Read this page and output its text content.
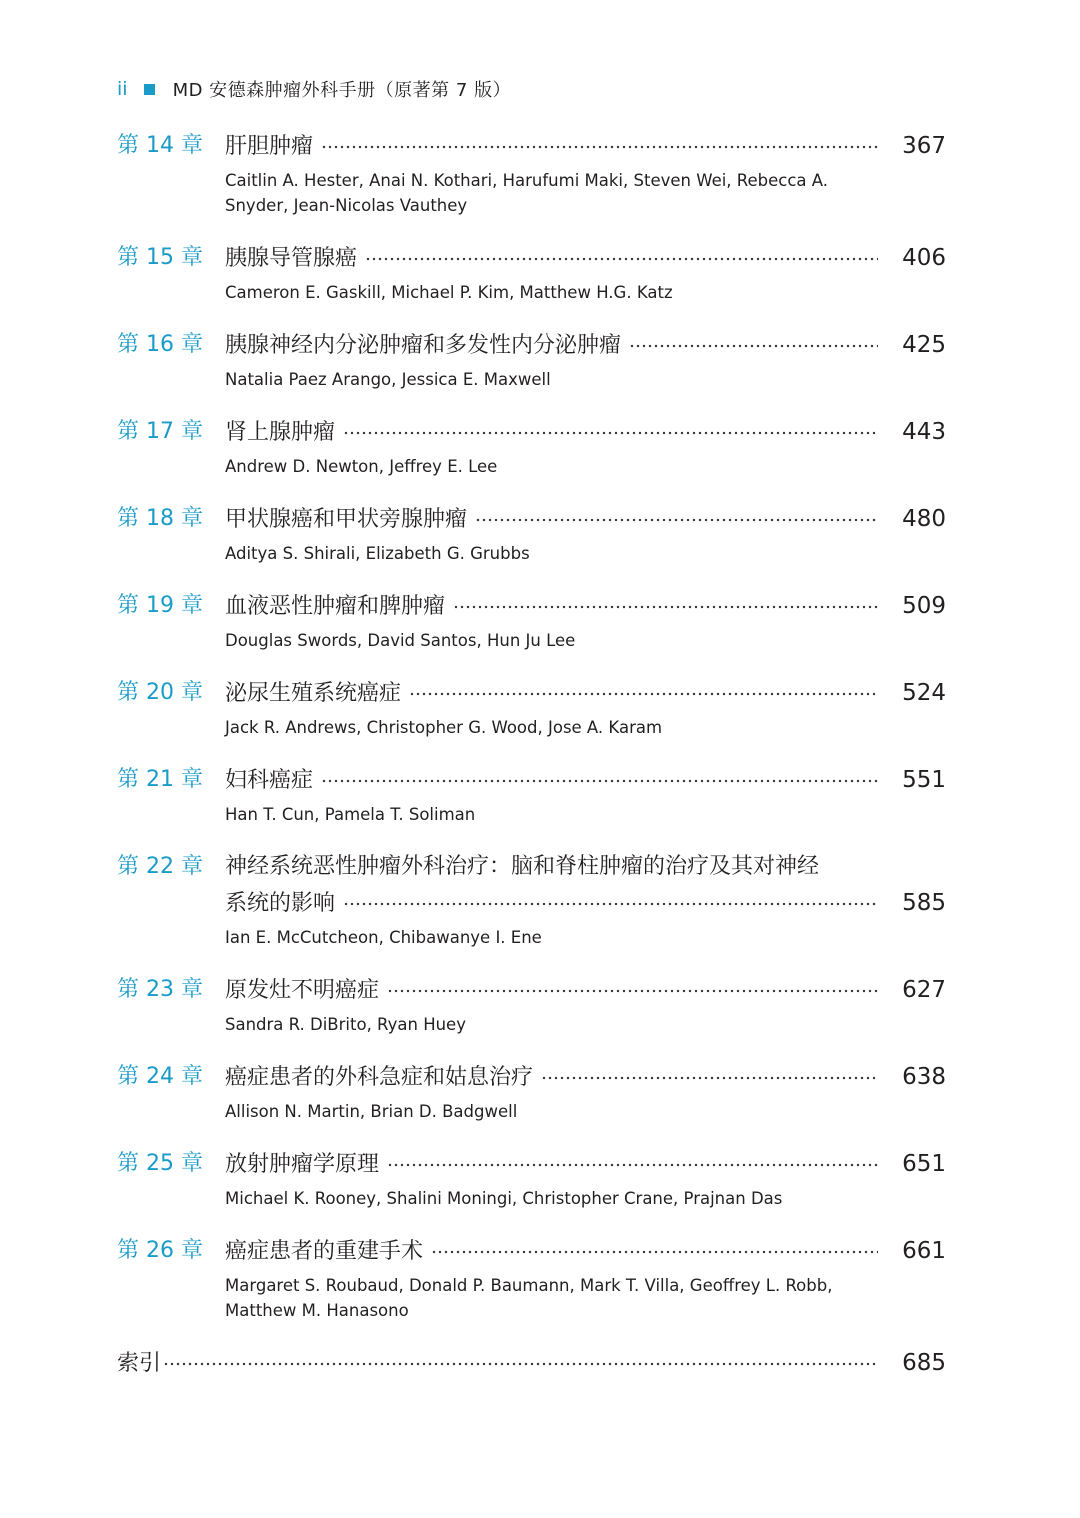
ii	MD 安德森肿瘤外科手册（原著第 7 版）
第 14 章	肝胆肿瘤	367
Caitlin A. Hester, Anai N. Kothari, Harufumi Maki, Steven Wei, Rebecca A. Snyder, Jean-Nicolas Vauthey
第 15 章	胰腺导管腺癌	406
Cameron E. Gaskill, Michael P. Kim, Matthew H.G. Katz
第 16 章	胰腺神经内分泌肿瘤和多发性内分泌肿瘤	425
Natalia Paez Arango, Jessica E. Maxwell
第 17 章	肾上腺肿瘤	443
Andrew D. Newton, Jeffrey E. Lee
第 18 章	甲状腺癌和甲状旁腺肿瘤	480
Aditya S. Shirali, Elizabeth G. Grubbs
第 19 章	血液恶性肿瘤和脾肿瘤	509
Douglas Swords, David Santos, Hun Ju Lee
第 20 章	泌尿生殖系统癌症	524
Jack R. Andrews, Christopher G. Wood, Jose A. Karam
第 21 章	妇科癌症	551
Han T. Cun, Pamela T. Soliman
第 22 章	神经系统恶性肿瘤外科治疗：脑和脊柱肿瘤的治疗及其对神经
系统的影响	585
Ian E. McCutcheon, Chibawanye I. Ene
第 23 章	原发灶不明癌症	627
Sandra R. DiBrito, Ryan Huey
第 24 章	癌症患者的外科急症和姑息治疗	638
Allison N. Martin, Brian D. Badgwell
第 25 章	放射肿瘤学原理	651
Michael K. Rooney, Shalini Moningi, Christopher Crane, Prajnan Das
第 26 章	癌症患者的重建手术	661
Margaret S. Roubaud, Donald P. Baumann, Mark T. Villa, Geoffrey L. Robb, Matthew M. Hanasono
索引	685
